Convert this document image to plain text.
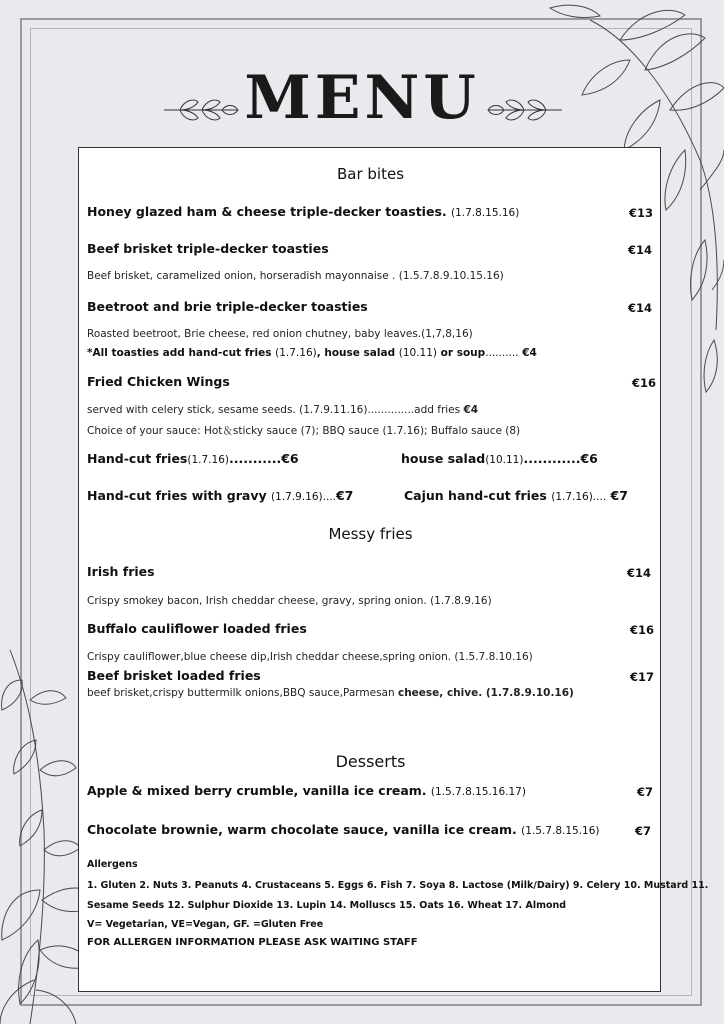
MENU
Bar bites
Honey glazed ham & cheese triple-decker toasties. (1.7.8.15.16)	€13
Beef brisket triple-decker toasties	€14
Beef brisket, caramelized onion, horseradish mayonnaise . (1.5.7.8.9.10.15.16)
Beetroot and brie triple-decker toasties	€14
Roasted beetroot, Brie cheese, red onion chutney, baby leaves.(1,7,8,16)
*All toasties add hand-cut fries (1.7.16), house salad (10.11) or soup.......... €4
Fried Chicken Wings	€16
served with celery stick, sesame seeds. (1.7.9.11.16)..............add fries €4
Choice of your sauce: Hot＆sticky sauce (7); BBQ sauce (1.7.16); Buffalo sauce (8)
Hand-cut fries(1.7.16)...........€6	house salad(10.11)............€6
Hand-cut fries with gravy (1.7.9.16)....€7	Cajun hand-cut fries (1.7.16).... €7
Messy fries
Irish fries	€14
Crispy smokey bacon, Irish cheddar cheese, gravy, spring onion. (1.7.8.9.16)
Buffalo cauliflower loaded fries	€16
Crispy cauliflower,blue cheese dip,Irish cheddar cheese,spring onion. (1.5.7.8.10.16)
Beef brisket loaded fries	€17
beef brisket,crispy buttermilk onions,BBQ sauce,Parmesan cheese, chive. (1.7.8.9.10.16)
Desserts
Apple & mixed berry crumble, vanilla ice cream. (1.5.7.8.15.16.17)	€7
Chocolate brownie, warm chocolate sauce, vanilla ice cream. (1.5.7.8.15.16)	€7
Allergens
1. Gluten 2. Nuts 3. Peanuts 4. Crustaceans 5. Eggs 6. Fish 7. Soya 8. Lactose (Milk/Dairy) 9. Celery 10. Mustard 11.
Sesame Seeds 12. Sulphur Dioxide 13. Lupin 14. Molluscs 15. Oats 16. Wheat 17. Almond
V= Vegetarian, VE=Vegan, GF. =Gluten Free
FOR ALLERGEN INFORMATION PLEASE ASK WAITING STAFF
